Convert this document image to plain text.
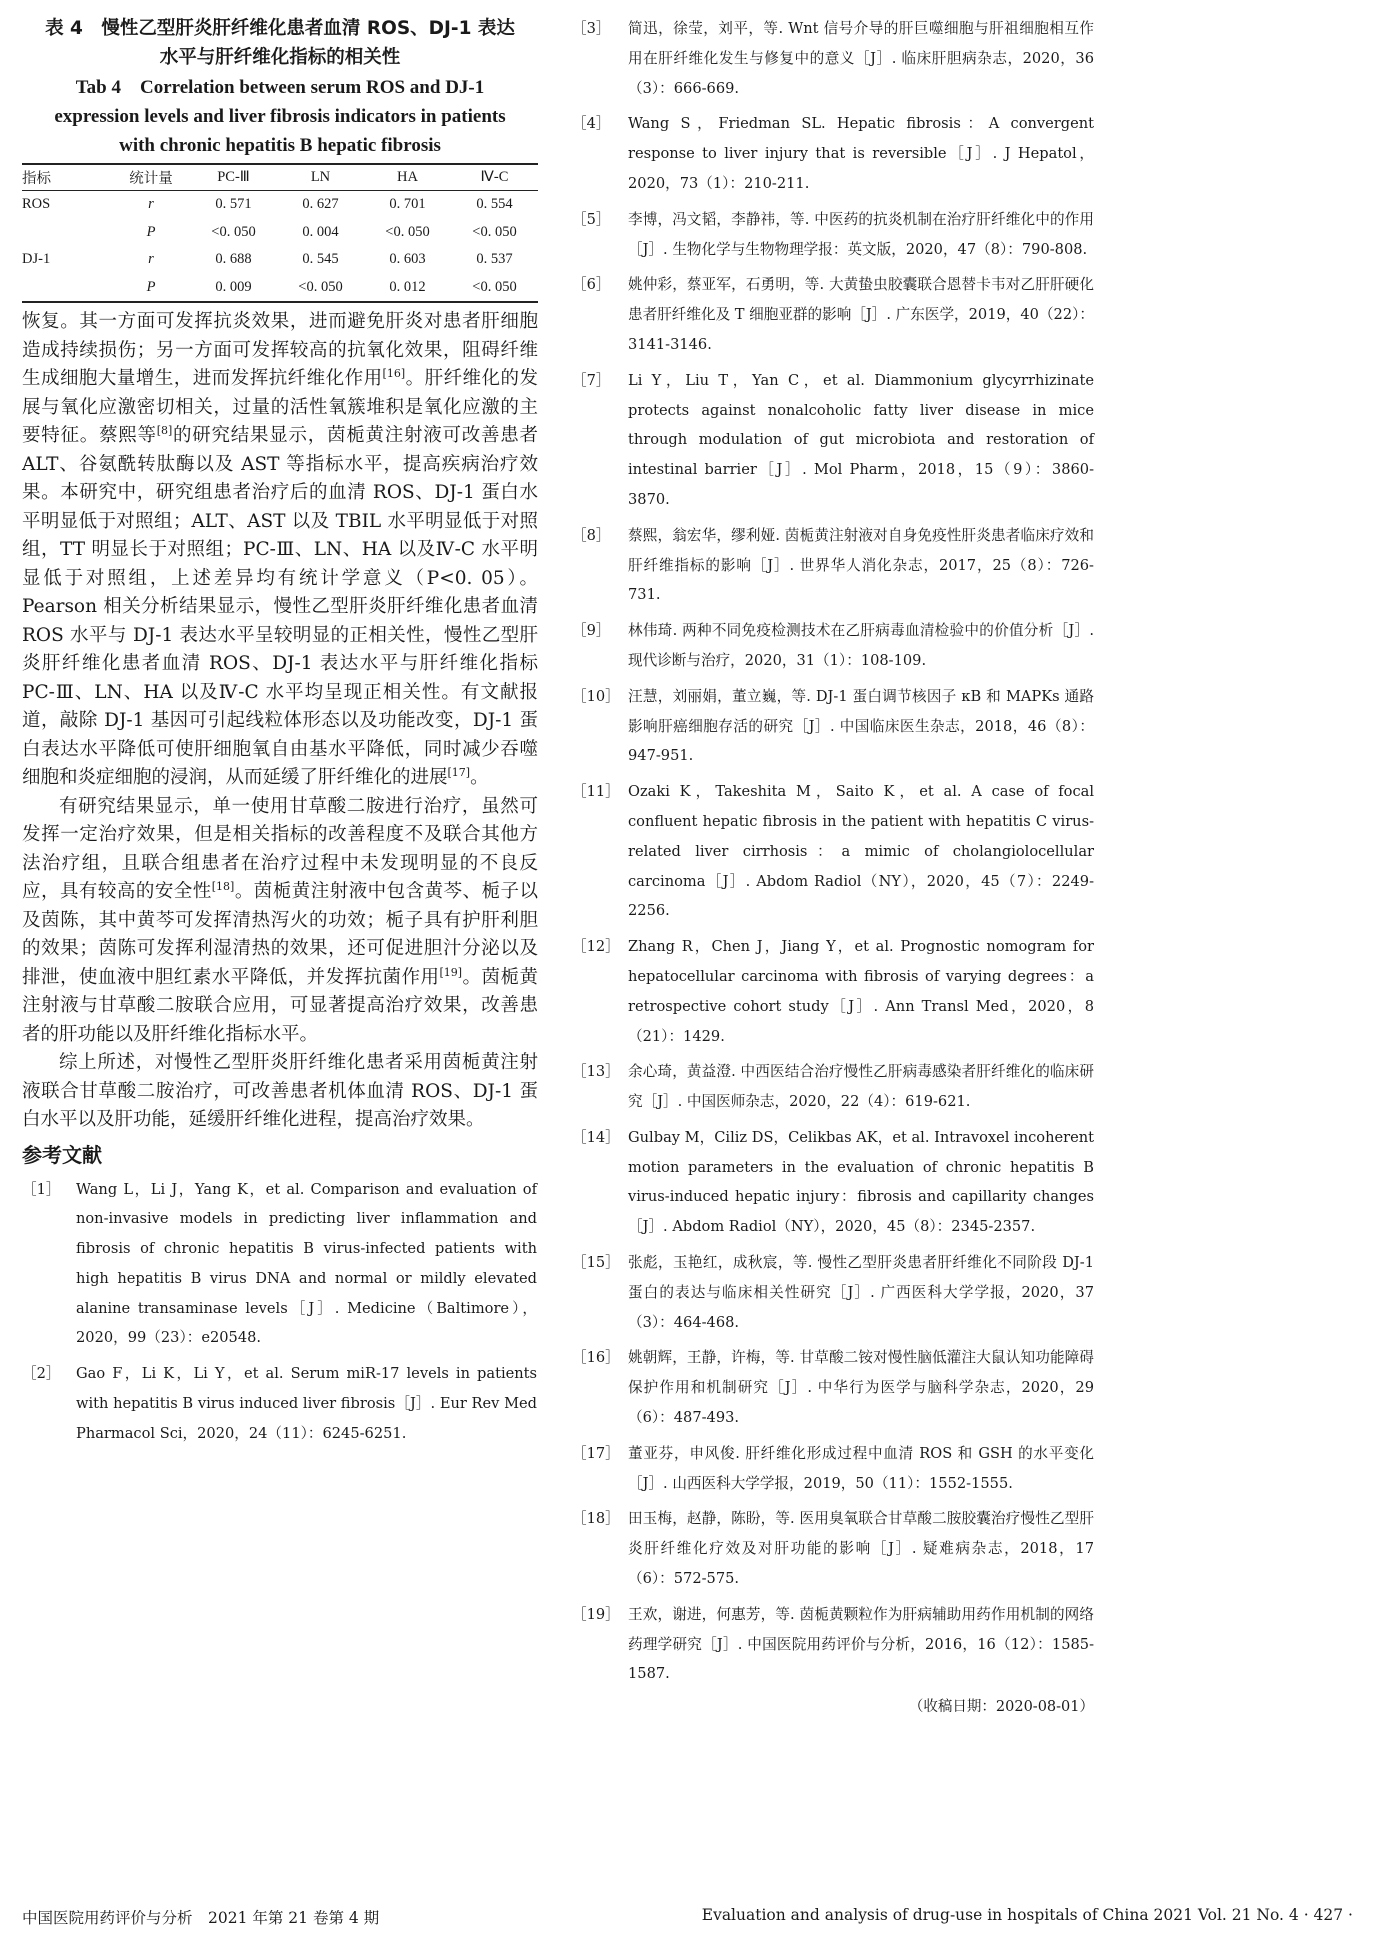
表 4　慢性乙型肝炎肝纤维化患者血清 ROS、DJ-1 表达
水平与肝纤维化指标的相关性
Tab 4　Correlation between serum ROS and DJ-1
expression levels and liver fibrosis indicators in patients
with chronic hepatitis B hepatic fibrosis
指标	统计量	PC-Ⅲ	LN	HA	Ⅳ-C
ROS	r	0. 571	0. 627	0. 701	0. 554
	P	<0. 050	0. 004	<0. 050	<0. 050
DJ-1	r	0. 688	0. 545	0. 603	0. 537
	P	0. 009	<0. 050	0. 012	<0. 050

恢复。其一方面可发挥抗炎效果，进而避免肝炎对患者肝细胞造成持续损伤；另一方面可发挥较高的抗氧化效果，阻碍纤维生成细胞大量增生，进而发挥抗纤维化作用[16]。肝纤维化的发展与氧化应激密切相关，过量的活性氧簇堆积是氧化应激的主要特征。蔡熙等[8]的研究结果显示，茵栀黄注射液可改善患者 ALT、谷氨酰转肽酶以及 AST 等指标水平，提高疾病治疗效果。本研究中，研究组患者治疗后的血清 ROS、DJ-1 蛋白水平明显低于对照组；ALT、AST 以及 TBIL 水平明显低于对照组，TT 明显长于对照组；PC-Ⅲ、LN、HA 以及Ⅳ-C 水平明显低于对照组，上述差异均有统计学意义（P<0. 05）。Pearson 相关分析结果显示，慢性乙型肝炎肝纤维化患者血清 ROS 水平与 DJ-1 表达水平呈较明显的正相关性，慢性乙型肝炎肝纤维化患者血清 ROS、DJ-1 表达水平与肝纤维化指标 PC-Ⅲ、LN、HA 以及Ⅳ-C 水平均呈现正相关性。有文献报道，敲除 DJ-1 基因可引起线粒体形态以及功能改变，DJ-1 蛋白表达水平降低可使肝细胞氧自由基水平降低，同时减少吞噬细胞和炎症细胞的浸润，从而延缓了肝纤维化的进展[17]。

有研究结果显示，单一使用甘草酸二胺进行治疗，虽然可发挥一定治疗效果，但是相关指标的改善程度不及联合其他方法治疗组，且联合组患者在治疗过程中未发现明显的不良反应，具有较高的安全性[18]。茵栀黄注射液中包含黄芩、栀子以及茵陈，其中黄芩可发挥清热泻火的功效；栀子具有护肝利胆的效果；茵陈可发挥利湿清热的效果，还可促进胆汁分泌以及排泄，使血液中胆红素水平降低，并发挥抗菌作用[19]。茵栀黄注射液与甘草酸二胺联合应用，可显著提高治疗效果，改善患者的肝功能以及肝纤维化指标水平。

综上所述，对慢性乙型肝炎肝纤维化患者采用茵栀黄注射液联合甘草酸二胺治疗，可改善患者机体血清 ROS、DJ-1 蛋白水平以及肝功能，延缓肝纤维化进程，提高治疗效果。

参考文献
［1］	Wang L，Li J，Yang K，et al. Comparison and evaluation of non-invasive models in predicting liver inflammation and fibrosis of chronic hepatitis B virus-infected patients with high hepatitis B virus DNA and normal or mildly elevated alanine transaminase levels［J］. Medicine（Baltimore），2020，99（23）：e20548.
［2］	Gao F，Li K，Li Y，et al. Serum miR-17 levels in patients with hepatitis B virus induced liver fibrosis［J］. Eur Rev Med Pharmacol Sci，2020，24（11）：6245-6251.
［3］	简迅，徐莹，刘平，等. Wnt 信号介导的肝巨噬细胞与肝祖细胞相互作用在肝纤维化发生与修复中的意义［J］. 临床肝胆病杂志，2020，36（3）：666-669.
［4］	Wang S，Friedman SL. Hepatic fibrosis：A convergent response to liver injury that is reversible［J］. J Hepatol，2020，73（1）：210-211.
［5］	李博，冯文韬，李静祎，等. 中医药的抗炎机制在治疗肝纤维化中的作用［J］. 生物化学与生物物理学报：英文版，2020，47（8）：790-808.
［6］	姚仲彩，蔡亚军，石勇明，等. 大黄蛰虫胶囊联合恩替卡韦对乙肝肝硬化患者肝纤维化及 T 细胞亚群的影响［J］. 广东医学，2019，40（22）：3141-3146.
［7］	Li Y，Liu T，Yan C，et al. Diammonium glycyrrhizinate protects against nonalcoholic fatty liver disease in mice through modulation of gut microbiota and restoration of intestinal barrier［J］. Mol Pharm，2018，15（9）：3860-3870.
［8］	蔡熙，翁宏华，缪利娅. 茵栀黄注射液对自身免疫性肝炎患者临床疗效和肝纤维指标的影响［J］. 世界华人消化杂志，2017，25（8）：726-731.
［9］	林伟琦. 两种不同免疫检测技术在乙肝病毒血清检验中的价值分析［J］. 现代诊断与治疗，2020，31（1）：108-109.
［10］ 汪慧，刘丽娟，董立巍，等. DJ-1 蛋白调节核因子 κB 和 MAPKs 通路影响肝癌细胞存活的研究［J］. 中国临床医生杂志，2018，46（8）：947-951.
［11］ Ozaki K，Takeshita M，Saito K，et al. A case of focal confluent hepatic fibrosis in the patient with hepatitis C virus-related liver cirrhosis：a mimic of cholangiolocellular carcinoma［J］. Abdom Radiol（NY），2020，45（7）：2249-2256.
［12］ Zhang R，Chen J，Jiang Y，et al. Prognostic nomogram for hepatocellular carcinoma with fibrosis of varying degrees：a retrospective cohort study［J］. Ann Transl Med，2020，8（21）：1429.
［13］ 余心琦，黄益澄. 中西医结合治疗慢性乙肝病毒感染者肝纤维化的临床研究［J］. 中国医师杂志，2020，22（4）：619-621.
［14］ Gulbay M，Ciliz DS，Celikbas AK，et al. Intravoxel incoherent motion parameters in the evaluation of chronic hepatitis B virus-induced hepatic injury：fibrosis and capillarity changes［J］. Abdom Radiol（NY），2020，45（8）：2345-2357.
［15］ 张彪，玉艳红，成秋宸，等. 慢性乙型肝炎患者肝纤维化不同阶段 DJ-1 蛋白的表达与临床相关性研究［J］. 广西医科大学学报，2020，37（3）：464-468.
［16］ 姚朝辉，王静，许梅，等. 甘草酸二铵对慢性脑低灌注大鼠认知功能障碍保护作用和机制研究［J］. 中华行为医学与脑科学杂志，2020，29（6）：487-493.
［17］ 董亚芬，申风俊. 肝纤维化形成过程中血清 ROS 和 GSH 的水平变化［J］. 山西医科大学学报，2019，50（11）：1552-1555.
［18］ 田玉梅，赵静，陈盼，等. 医用臭氧联合甘草酸二胺胶囊治疗慢性乙型肝炎肝纤维化疗效及对肝功能的影响［J］. 疑难病杂志，2018，17（6）：572-575.
［19］ 王欢，谢进，何惠芳，等. 茵栀黄颗粒作为肝病辅助用药作用机制的网络药理学研究［J］. 中国医院用药评价与分析，2016，16（12）：1585-1587.
（收稿日期：2020-08-01）
中国医院用药评价与分析　2021 年第 21 卷第 4 期	Evaluation and analysis of drug-use in hospitals of China 2021 Vol. 21 No. 4 · 427 ·
